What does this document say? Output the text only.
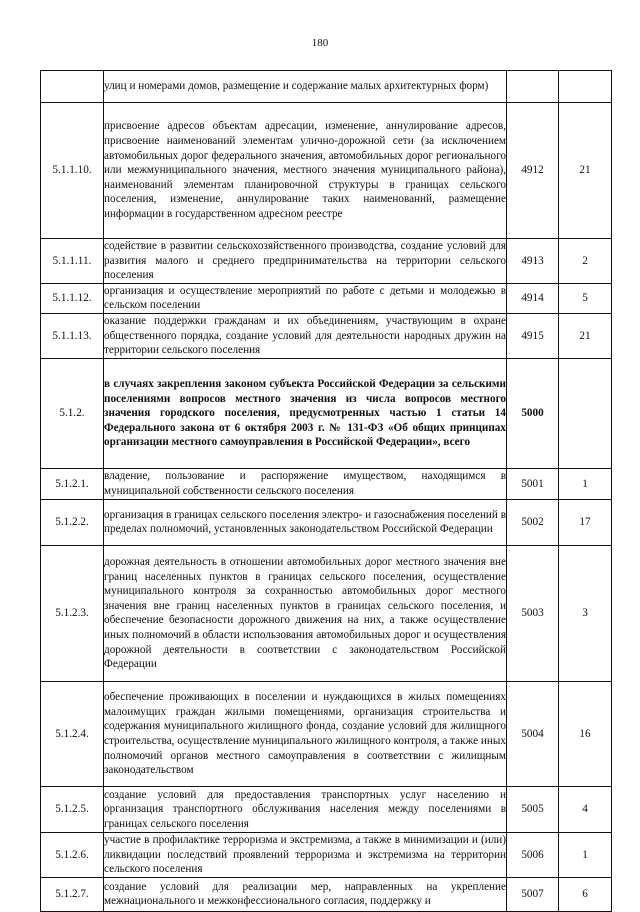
180
	улиц и номерами домов, размещение и содержание малых архитектурных форм)		
5.1.1.10.	присвоение адресов объектам адресации, изменение, аннулирование адресов, присвоение наименований элементам улично-дорожной сети (за исключением автомобильных дорог федерального значения, автомобильных дорог регионального или межмуниципального значения, местного значения муниципального района), наименований элементам планировочной структуры в границах сельского поселения, изменение, аннулирование таких наименований, размещение информации в государственном адресном реестре	4912	21
5.1.1.11.	содействие в развитии сельскохозяйственного производства, создание условий для развития малого и среднего предпринимательства на территории сельского поселения	4913	2
5.1.1.12.	организация и осуществление мероприятий по работе с детьми и молодежью в сельском поселении	4914	5
5.1.1.13.	оказание поддержки гражданам и их объединениям, участвующим в охране общественного порядка, создание условий для деятельности народных дружин на территории сельского поселения	4915	21
5.1.2.	в случаях закрепления законом субъекта Российской Федерации за сельскими поселениями вопросов местного значения из числа вопросов местного значения городского поселения, предусмотренных частью 1 статьи 14 Федерального закона от 6 октября 2003 г. № 131-ФЗ «Об общих принципах организации местного самоуправления в Российской Федерации», всего	5000	
5.1.2.1.	владение, пользование и распоряжение имуществом, находящимся в муниципальной собственности сельского поселения	5001	1
5.1.2.2.	организация в границах сельского поселения электро- и газоснабжения поселений в пределах полномочий, установленных законодательством Российской Федерации	5002	17
5.1.2.3.	дорожная деятельность в отношении автомобильных дорог местного значения вне границ населенных пунктов в границах сельского поселения, осуществление муниципального контроля за сохранностью автомобильных дорог местного значения вне границ населенных пунктов в границах сельского поселения, и обеспечение безопасности дорожного движения на них, а также осуществление иных полномочий в области использования автомобильных дорог и осуществления дорожной деятельности в соответствии с законодательством Российской Федерации	5003	3
5.1.2.4.	обеспечение проживающих в поселении и нуждающихся в жилых помещениях малоимущих граждан жилыми помещениями, организация строительства и содержания муниципального жилищного фонда, создание условий для жилищного строительства, осуществление муниципального жилищного контроля, а также иных полномочий органов местного самоуправления в соответствии с жилищным законодательством	5004	16
5.1.2.5.	создание условий для предоставления транспортных услуг населению и организация транспортного обслуживания населения между поселениями в границах сельского поселения	5005	4
5.1.2.6.	участие в профилактике терроризма и экстремизма, а также в минимизации и (или) ликвидации последствий проявлений терроризма и экстремизма на территории сельского поселения	5006	1
5.1.2.7.	создание условий для реализации мер, направленных на укрепление межнационального и межконфессионального согласия, поддержку и	5007	6
